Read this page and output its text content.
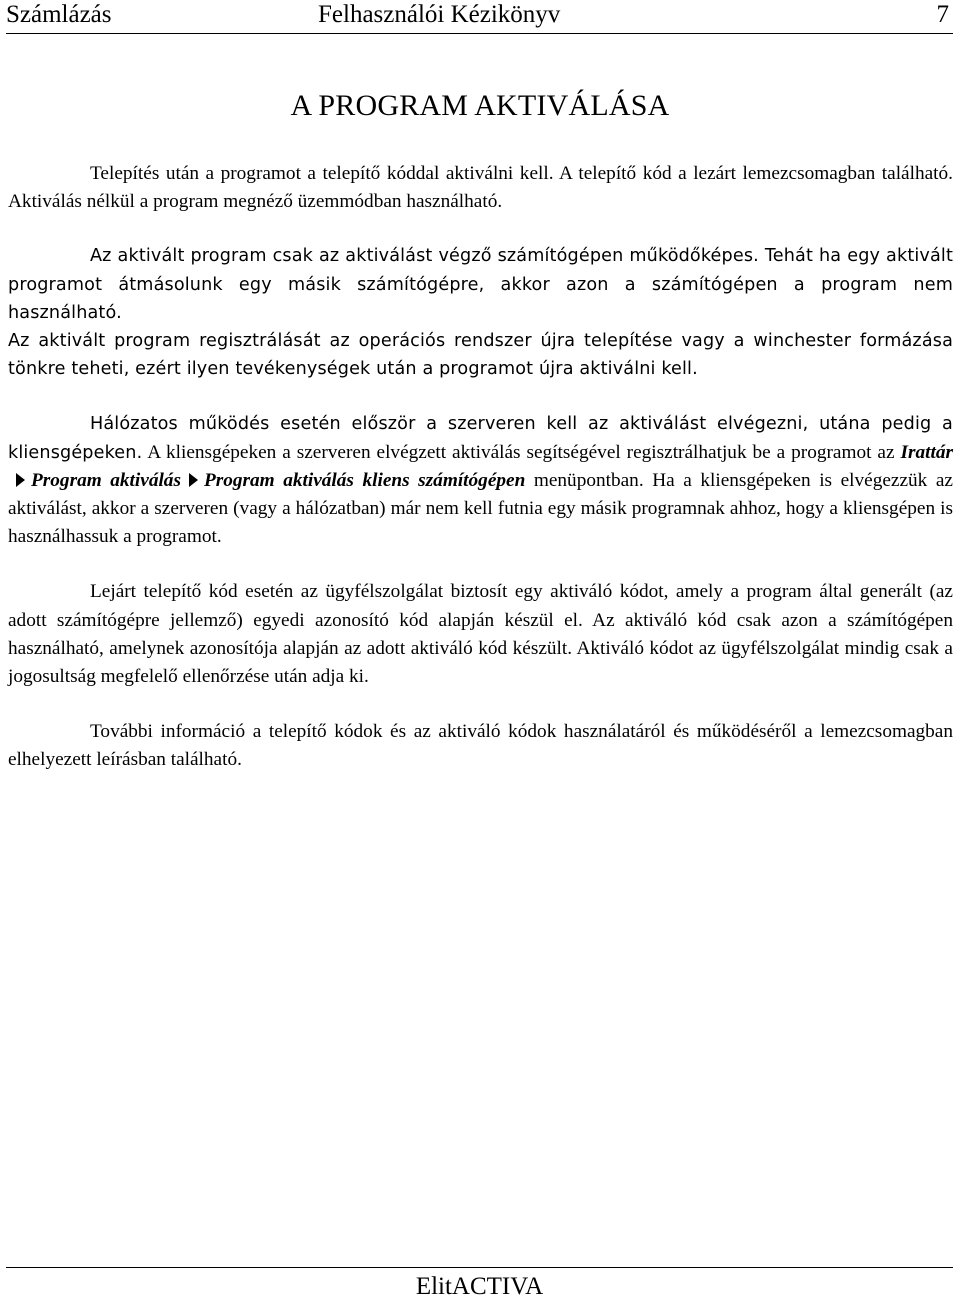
Számlázás	Felhasználói Kézikönyv	7
A PROGRAM AKTIVÁLÁSA

Telepítés után a programot a telepítő kóddal aktiválni kell. A telepítő kód a lezárt lemezcsomagban található. Aktiválás nélkül a program megnéző üzemmódban használható.

Az aktivált program csak az aktiválást végző számítógépen működőképes. Tehát ha egy aktivált programot átmásolunk egy másik számítógépre, akkor azon a számítógépen a program nem használható.

Az aktivált program regisztrálását az operációs rendszer újra telepítése vagy a winchester formázása tönkre teheti, ezért ilyen tevékenységek után a programot újra aktiválni kell.

Hálózatos működés esetén először a szerveren kell az aktiválást elvégezni, utána pedig a kliensgépeken. A kliensgépeken a szerveren elvégzett aktiválás segítségével regisztrálhatjuk be a programot az IrattárProgram aktiválás Program aktiválás kliens számítógépen menüpontban. Ha a kliensgépeken is elvégezzük az aktiválást, akkor a szerveren (vagy a hálózatban) már nem kell futnia egy másik programnak ahhoz, hogy a kliensgépen is használhassuk a programot.

Lejárt telepítő kód esetén az ügyfélszolgálat biztosít egy aktiváló kódot, amely a program által generált (az adott számítógépre jellemző) egyedi azonosító kód alapján készül el. Az aktiváló kód csak azon a számítógépen használható, amelynek azonosítója alapján az adott aktiváló kód készült. Aktiváló kódot az ügyfélszolgálat mindig csak a jogosultság megfelelő ellenőrzése után adja ki.

További információ a telepítő kódok és az aktiváló kódok használatáról és működéséről a lemezcsomagban elhelyezett leírásban található.

ElitACTIVA
